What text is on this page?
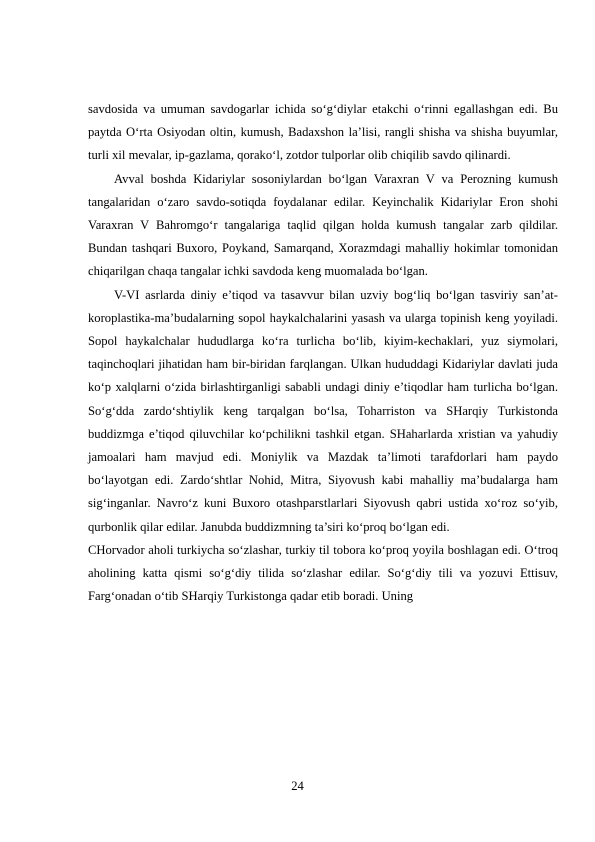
savdosida va umuman savdogarlar ichida so‘g‘diylar etakchi o‘rinni egallashgan edi. Bu paytda O‘rta Osiyodan oltin, kumush, Badaxshon la’lisi, rangli shisha va shisha buyumlar, turli xil mevalar, ip-gazlama, qorako‘l, zotdor tulporlar olib chiqilib savdo qilinardi.

Avval boshda Kidariylar sosoniylardan bo‘lgan Varaxran V va Perozning kumush tangalaridan o‘zaro savdo-sotiqda foydalanar edilar. Keyinchalik Kidariylar Eron shohi Varaxran V Bahromgo‘r tangalariga taqlid qilgan holda kumush tangalar zarb qildilar. Bundan tashqari Buxoro, Poykand, Samarqand, Xorazmdagi mahalliy hokimlar tomonidan chiqarilgan chaqa tangalar ichki savdoda keng muomalada bo‘lgan.

V-VI asrlarda diniy e’tiqod va tasavvur bilan uzviy bog‘liq bo‘lgan tasviriy san’at-koroplastika-ma’budalarning sopol haykalchalarini yasash va ularga topinish keng yoyiladi. Sopol haykalchalar hududlarga ko‘ra turlicha bo‘lib, kiyim-kechaklari, yuz siymolari, taqinchoqlari jihatidan ham bir-biridan farqlangan. Ulkan hududdagi Kidariylar davlati juda ko‘p xalqlarni o‘zida birlashtirganligi sababli undagi diniy e’tiqodlar ham turlicha bo‘lgan. So‘g‘dda zardo‘shtiylik keng tarqalgan bo‘lsa, Toharriston va SHarqiy Turkistonda buddizmga e’tiqod qiluvchilar ko‘pchilikni tashkil etgan. SHaharlarda xristian va yahudiy jamoalari ham mavjud edi. Moniylik va Mazdak ta’limoti tarafdorlari ham paydo bo‘layotgan edi. Zardo‘shtlar Nohid, Mitra, Siyovush kabi mahalliy ma’budalarga ham sig‘inganlar. Navro‘z kuni Buxoro otashparstlarlari Siyovush qabri ustida xo‘roz so‘yib, qurbonlik qilar edilar. Janubda buddizmning ta’siri ko‘proq bo‘lgan edi.

CHorvador aholi turkiycha so‘zlashar, turkiy til tobora ko‘proq yoyila boshlagan edi. O‘troq aholining katta qismi so‘g‘diy tilida so‘zlashar edilar. So‘g‘diy tili va yozuvi Ettisuv, Farg‘onadan o‘tib SHarqiy Turkistonga qadar etib boradi. Uning

24
